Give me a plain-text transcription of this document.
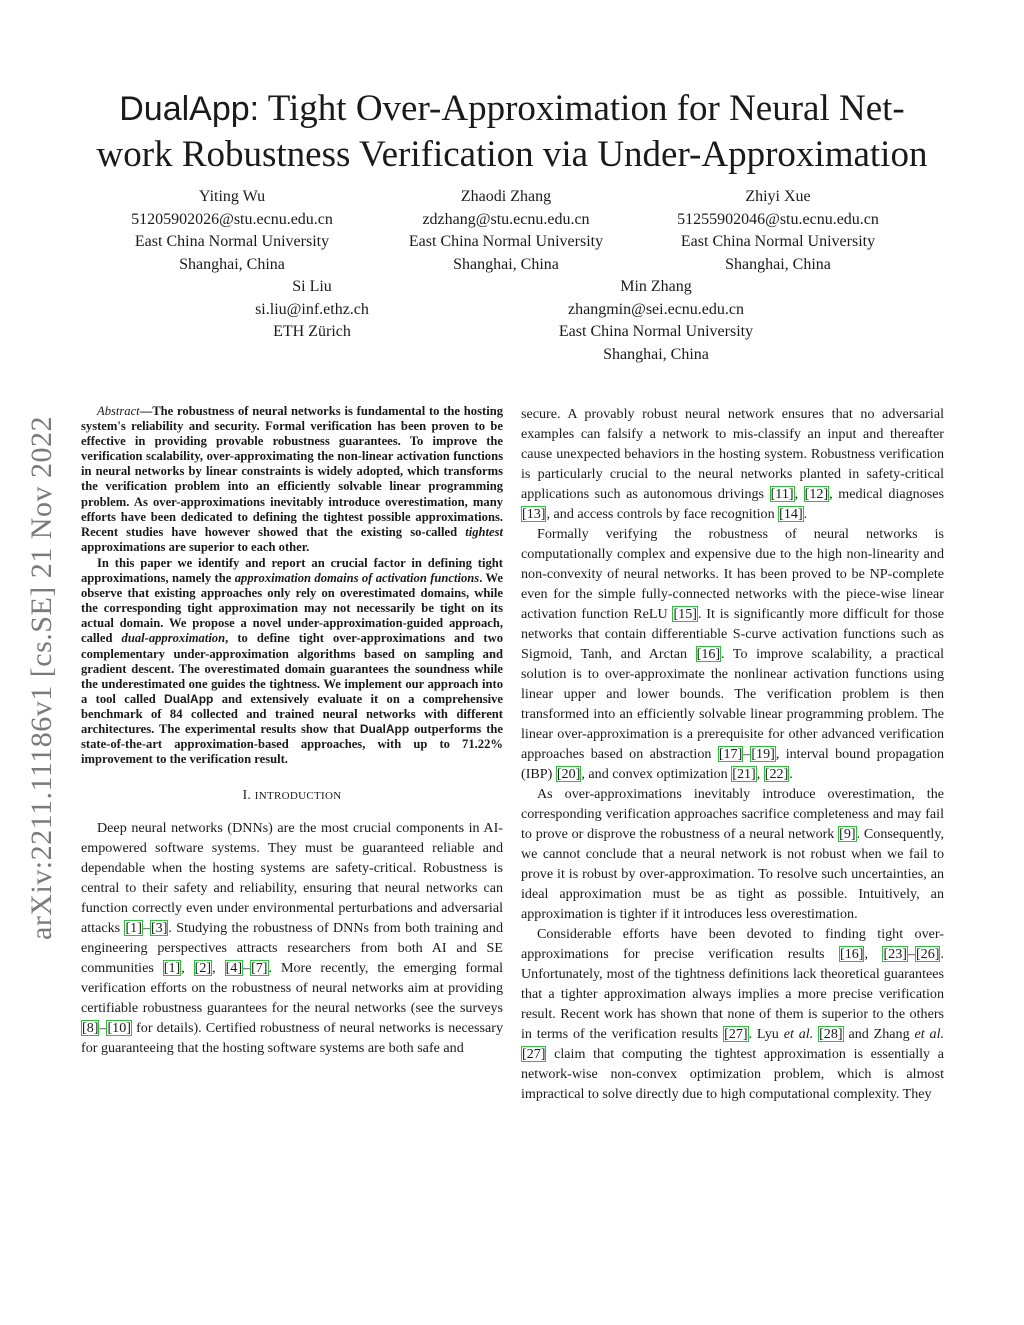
arXiv:2211.11186v1 [cs.SE] 21 Nov 2022
DualApp: Tight Over-Approximation for Neural Net-
work Robustness Verification via Under-Approximation
Yiting Wu
51205902026@stu.ecnu.edu.cn
East China Normal University
Shanghai, China
Zhaodi Zhang
zdzhang@stu.ecnu.edu.cn
East China Normal University
Shanghai, China
Zhiyi Xue
51255902046@stu.ecnu.edu.cn
East China Normal University
Shanghai, China
Si Liu
si.liu@inf.ethz.ch
ETH Zürich
Min Zhang
zhangmin@sei.ecnu.edu.cn
East China Normal University
Shanghai, China

Abstract—The robustness of neural networks is fundamental to the hosting system's reliability and security. Formal verification has been proven to be effective in providing provable robustness guarantees. To improve the verification scalability, over-approximating the non-linear activation functions in neural networks by linear constraints is widely adopted, which transforms the verification problem into an efficiently solvable linear programming problem. As over-approximations inevitably introduce overestimation, many efforts have been dedicated to defining the tightest possible approximations. Recent studies have however showed that the existing so-called tightest approximations are superior to each other.

In this paper we identify and report an crucial factor in defining tight approximations, namely the approximation domains of activation functions. We observe that existing approaches only rely on overestimated domains, while the corresponding tight approximation may not necessarily be tight on its actual domain. We propose a novel under-approximation-guided approach, called dual-approximation, to define tight over-approximations and two complementary under-approximation algorithms based on sampling and gradient descent. The overestimated domain guarantees the soundness while the underestimated one guides the tightness. We implement our approach into a tool called DualApp and extensively evaluate it on a comprehensive benchmark of 84 collected and trained neural networks with different architectures. The experimental results show that DualApp outperforms the state-of-the-art approximation-based approaches, with up to 71.22% improvement to the verification result.

I. INTRODUCTION

Deep neural networks (DNNs) are the most crucial components in AI-empowered software systems. They must be guaranteed reliable and dependable when the hosting systems are safety-critical. Robustness is central to their safety and reliability, ensuring that neural networks can function correctly even under environmental perturbations and adversarial attacks [1]–[3]. Studying the robustness of DNNs from both training and engineering perspectives attracts researchers from both AI and SE communities [1], [2], [4]–[7]. More recently, the emerging formal verification efforts on the robustness of neural networks aim at providing certifiable robustness guarantees for the neural networks (see the surveys [8]–[10] for details). Certified robustness of neural networks is necessary for guaranteeing that the hosting software systems are both safe and

secure. A provably robust neural network ensures that no adversarial examples can falsify a network to mis-classify an input and thereafter cause unexpected behaviors in the hosting system. Robustness verification is particularly crucial to the neural networks planted in safety-critical applications such as autonomous drivings [11], [12], medical diagnoses [13], and access controls by face recognition [14].

Formally verifying the robustness of neural networks is computationally complex and expensive due to the high non-linearity and non-convexity of neural networks. It has been proved to be NP-complete even for the simple fully-connected networks with the piece-wise linear activation function ReLU [15]. It is significantly more difficult for those networks that contain differentiable S-curve activation functions such as Sigmoid, Tanh, and Arctan [16]. To improve scalability, a practical solution is to over-approximate the nonlinear activation functions using linear upper and lower bounds. The verification problem is then transformed into an efficiently solvable linear programming problem. The linear over-approximation is a prerequisite for other advanced verification approaches based on abstraction [17]–[19], interval bound propagation (IBP) [20], and convex optimization [21], [22].

As over-approximations inevitably introduce overestimation, the corresponding verification approaches sacrifice completeness and may fail to prove or disprove the robustness of a neural network [9]. Consequently, we cannot conclude that a neural network is not robust when we fail to prove it is robust by over-approximation. To resolve such uncertainties, an ideal approximation must be as tight as possible. Intuitively, an approximation is tighter if it introduces less overestimation.

Considerable efforts have been devoted to finding tight over-approximations for precise verification results [16], [23]–[26]. Unfortunately, most of the tightness definitions lack theoretical guarantees that a tighter approximation always implies a more precise verification result. Recent work has shown that none of them is superior to the others in terms of the verification results [27]. Lyu et al. [28] and Zhang et al. [27] claim that computing the tightest approximation is essentially a network-wise non-convex optimization problem, which is almost impractical to solve directly due to high computational complexity. They
